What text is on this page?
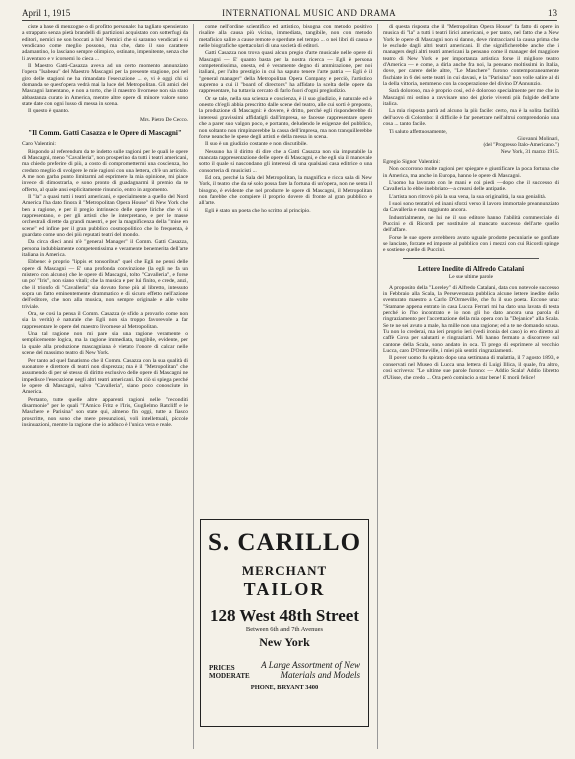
April 1, 1915	INTERNATIONAL MUSIC AND DRAMA	13

ciste a base di menzogne o di profitto personale: ha tagliato spensierato a strappato senza pietà brandelli di partizioni acquistato con sotterfugi da editori, nemici ne son boccati a his! Nemici che si saranno vendicati e si vendicano come meglio possono, ma che, dato il suo carattere adamantino, lo lasciano sempre olimpico, ostinato, impenitente, senza che li aventuro e v icorsemi lo cieca ...

Il Maestro Gatti-Casazza aveva ad un certo momento annunziato l'opera "Isabeau" del Maestro Mascagni per la presente stagione, poi nel giro delle stagioni ne ha rimandato l'esecuzione ... e, vi è oggi chi si domanda se quest'opera vedrà mai la luce del Metropolitan. Gli amici del Mascagni lamentano, e non a torto, che il maestro livornese non sia stato abbastanza curato in America, mentre altre opere di minore valore sono state date con ogni lusso di messa in scena.

Il questo è quanto.

Mrs. Pietro De Cecco.
"Il Comm. Gatti Casazza e le Opere di Mascagni"

Caro Valentini:

Rispondo al referendum da te indetto sulle ragioni per le quali le opere di Mascagni, meno "Cavalleria", non prosperino da tutti i teatri americani, ma chiedo preferire di più, a costo di compromettermi una coscienza, ho creduto meglio di svolgere le mie ragioni con una lettera, ch'è un articolo. A me non garba punto limitarmi ad esprimere la mia opinione, mi piace invece di dimostrarla, e sono pronto di guadagnarmi il premio da te offerto, al quale ansi esplicitamente rinuncio, entro in argomento.

Il "la" a quasi tutti i teatri americani, e specialmente a quello del Nord America l'ha dato finora il "Metropolitan Opera House" di New York che ben a ragione, e per il pregio intrinseco delle opere liriche che vi si rappresentano, e per gli artisti che le interpretano, e per le masse orchestrali dirette da grandi maestri, e per la magnificenza della "mise en scene" ed infine per il gran pubblico cosmopolitico che lo frequenta, è guardato come uno dei più reputati teatri del mondo.

Da circa dieci anni n'è "general Manager" il Comm. Gatti Casazza, persona indubbiamente competentissima e veramente benemerita dell'arte italiana in America.

Ebbene: è proprio "lippis et tonsoribus" quel che Egli ne pensi delle opere di Mascagni — E' una profonda convinzione (la egli ne fa un mistero con alcuno) che le opere di Mascagni, tolto "Cavalleria", e forse un po' "Iris", non siano vitali; che la musica e per lui finito, e crede, anzi, che il trionfo di "Cavalleria" sia dovuto forse più al libretto, intessuto sopra un fatto eminentemente drammatico e di sicuro effetto nell'azione dell'editore, che non alla musica, non sempre originale e alle volte triviale.

Ora, se così la pensa il Comm. Casazza (e sfido a provarlo come non sia la verità) è naturale che Egli non sia troppo favorevole a far rappresentare le opere del maestro livornese al Metropolitan.

Una tal ragione non mi pare sia una ragione veramente o semplicemente logica, ma la ragione immediata, tangibile, evidente, per la quale alla produzione mascagniana è vietato l'onore di calcar nelle scene del massimo teatro di New York.

Per tanto ad quel fanatismo che il Comm. Casazza con la sua qualità di suonatore e direttore di teatri non disprezza; ma è il "Metropolitan" che assumendo di per sé stesso di diritto esclusivo delle opere di Mascagni ne impedisce l'esecuzione negli altri teatri americani. Da ciò si spiega perché le opere di Mascagni, salvo "Cavalleria", siano poco conosciute in America.

Pertanto, tutte quelle altre apparenti ragioni nelle "reconditi disarmonie" per le quali "l'Amico Fritz e l'Iris, Guglielmo Ratcliff e le Maschere e Parisina" son state qui, almeno fin oggi, tutte a fiasco proscritte, non sono che mere presunzioni, voli intellettuali, piccole insinuazioni, mentre la ragione che io adduco è l'unica vera e reale.

come nell'ordine scientifico ed artistico, bisogna con metodo positivo risalire alla causa più vicina, immediata, tangibile, non con metodo metafisico salire a cause remote e sperdute nel tempo ... o nei libri di causa e nelle biografiche spettacolari di una società di editori.

Gatti Casazza non trova quasi alcun pregio d'arte musicale nelle opere di Mascagni — E' quanto basta per la nostra ricerca — Egli è persona competentissima, onesta, ed è veramente degno di ammirazione, per noi italiani, per l'alto prestigio in cui ha saputo tenere l'arte patria — Egli è il "general manager" della Metropolitan Opera Company e perciò, l'artistico supremo a cui il "board of directors" ha affidato la scelta delle opere da rappresentare, ha tuttavia cercato di farlo fuori d'ogni pregiudizio.

Or se tale, nella sua scienza e coscienza, è il suo giudizio, è naturale ed è onesto ch'egli abbia prescritto dalle scene del teatro, alle cui sorti è preposto, la produzione di Mascagni: è dovere, è dritto, perché egli risponderebbe di interessi gravissimi affidatigli dall'impresa, se facesse rappresentare opere che a parer suo valgon poco, e portanto, deludendo le esigenze del pubblico, non soltanto non rimpinzerebbe la cassa dell'impresa, ma non tranquillerebbe forse neanche le spese degli artisti e della messa in scena.

Il suo è un giudizio costante e non discutibile.

Nessuno ha il diritto di dire che a Gatti Casazza non sia imputabile la mancata rappresentazione delle opere di Mascagni, e che egli sia il manovale sotto il quale si nascondano gli interessi di una qualsiasi casa editrice o una consorteria di musicisti ...

Ed ora, perché la Sala del Metropolitan, la magnifica e ricca sala di New York, il teatro che da sé solo possa fare la fortuna di un'opera, non ne senta il bisogno, è evidente che nel produrre le opere di Mascagni, il Metropolitan non farebbe che compiere il proprio dovere di fronte al gran pubblico e all'arte.

Egli è stato un poeta che ho scritto al principio.

S. CARILLO
MERCHANT
TAILOR
128 West 48th Street
Between 6th and 7th Avenues
New York
PRICES MODERATE
A Large Assortment of New Materials and Models
PHONE, BRYANT 3400

di questa risposta che il "Metropolitan Opera House" fa fatto di opere in musica di "la" a tutti i teatri lirici americani, e per tanto, nel fatto che a New York le opere di Mascagni non si danno, deve rintracciarsi la causa prima che le esclude dagli altri teatri americani. Il che significherebbe anche che i managers degli altri teatri americani la pensano come il manager del maggiore teatro di New York e per importanza artistica forse il migliore teatro d'America — e come, a dirla anche fra noi, la pensano moltissimi in Italia, dove, per carere delle altre, "Le Maschere" furono contemporaneamente fischiate in 6 dei sette teatri in cui davasi, e la "Parisina" non volle salire al di la della vittoria, nemmeno con la cooperazione del divino D'Annunzio.

Sarà doloroso, ma è proprio così, ed è doloroso specialmente per me che in Mascagni mi ostino a ravvisare uno dei glorie viventi più fulgide dell'arte italica.

La mia risposta parrà ad alcuno la più facile: certo, ma è la solita facilità dell'uovo di Colombo: il difficile è far penetrare nell'altrui comprendonio una cosa ... tanto facile.

Ti saluto affettuosamente,

Giovanni Molinari,
(del "Progresso Italo-Americano.")
New York, 31 marzo 1915.

Egregio Signor Valentini:

Non occorrono molte ragioni per spiegare e giustificare la poca fortuna che in America, ma anche in Europa, hanno le opere di Mascagni.

L'uomo ha lavorato con le mani e coi piedi —dopo che il successo di Cavalleria lo ebbe inebbriato—a crearsi delle antipatie.

L'artista non ritrovò più la sua vena, la sua originalità, la sua genialità.

I suoi sono tentativi ed inani sforzi verso il lavoro immortale preannunziato da Cavalleria e non raggiunto ancora.

Industrialmente, ne lui ne il suo editore hanno l'abilità commerciale di Puccini e di Ricordi per sostituire al mancato successo dell'arte quello dell'affare.

Forse le sue opere avrebbero avuto uguale prodotte pecuniarie se gonfiate se lanciate, forzate ed imposte al pubblico con i mezzi con cui Ricordi spinge e sostiene quelle di Puccini.

Lettere Inedite di Alfredo Catalani
Le sue ultime parole

A proposito della "Loreley" di Alfredo Catalani, data con notevole successo in Febbraio alla Scala, la Perseveranza pubblica alcune lettere inedite dello sventurato maestro a Carlo D'Ormeville, che fu il suo poeta. Eccone una: "Stamane appena entrato in casa Lucca Ferrari mi ha dato una lavata di testa perché io l'ho incontrato e io non gli ho dato ancora una parola di ringraziamento per l'accettazione della mia opera con la "Dejanice" alla Scala. Se te ne sei avuto a male, ha mille non una ragione; ed a te ne domando scusa. Tu non lo crederai, ma ieri proprio ieri (vedi ironia del caso) io ero diretto al caffè Cova per salutarti e ringraziarti. Mi hanno fermato a discorrere sul cantone della Scala, sono andato in oca. Ti prego di esprimere al vecchio Lucca, caro D'Ormeville, i miei più sentiti ringraziamenti.

Il pover uomo fu spirato dopo una settimana di malattia, il 7 agosto 1893, e conservati nel Museo di Lucca una lettera di Luigi Illica, il quale, fra altro, così scriveva: "Le ultime sue parole furono: — Addio Scala! Addio libretto d'Ulisse, che credo ... Ora però comincio a star bene! E moriì felice!
